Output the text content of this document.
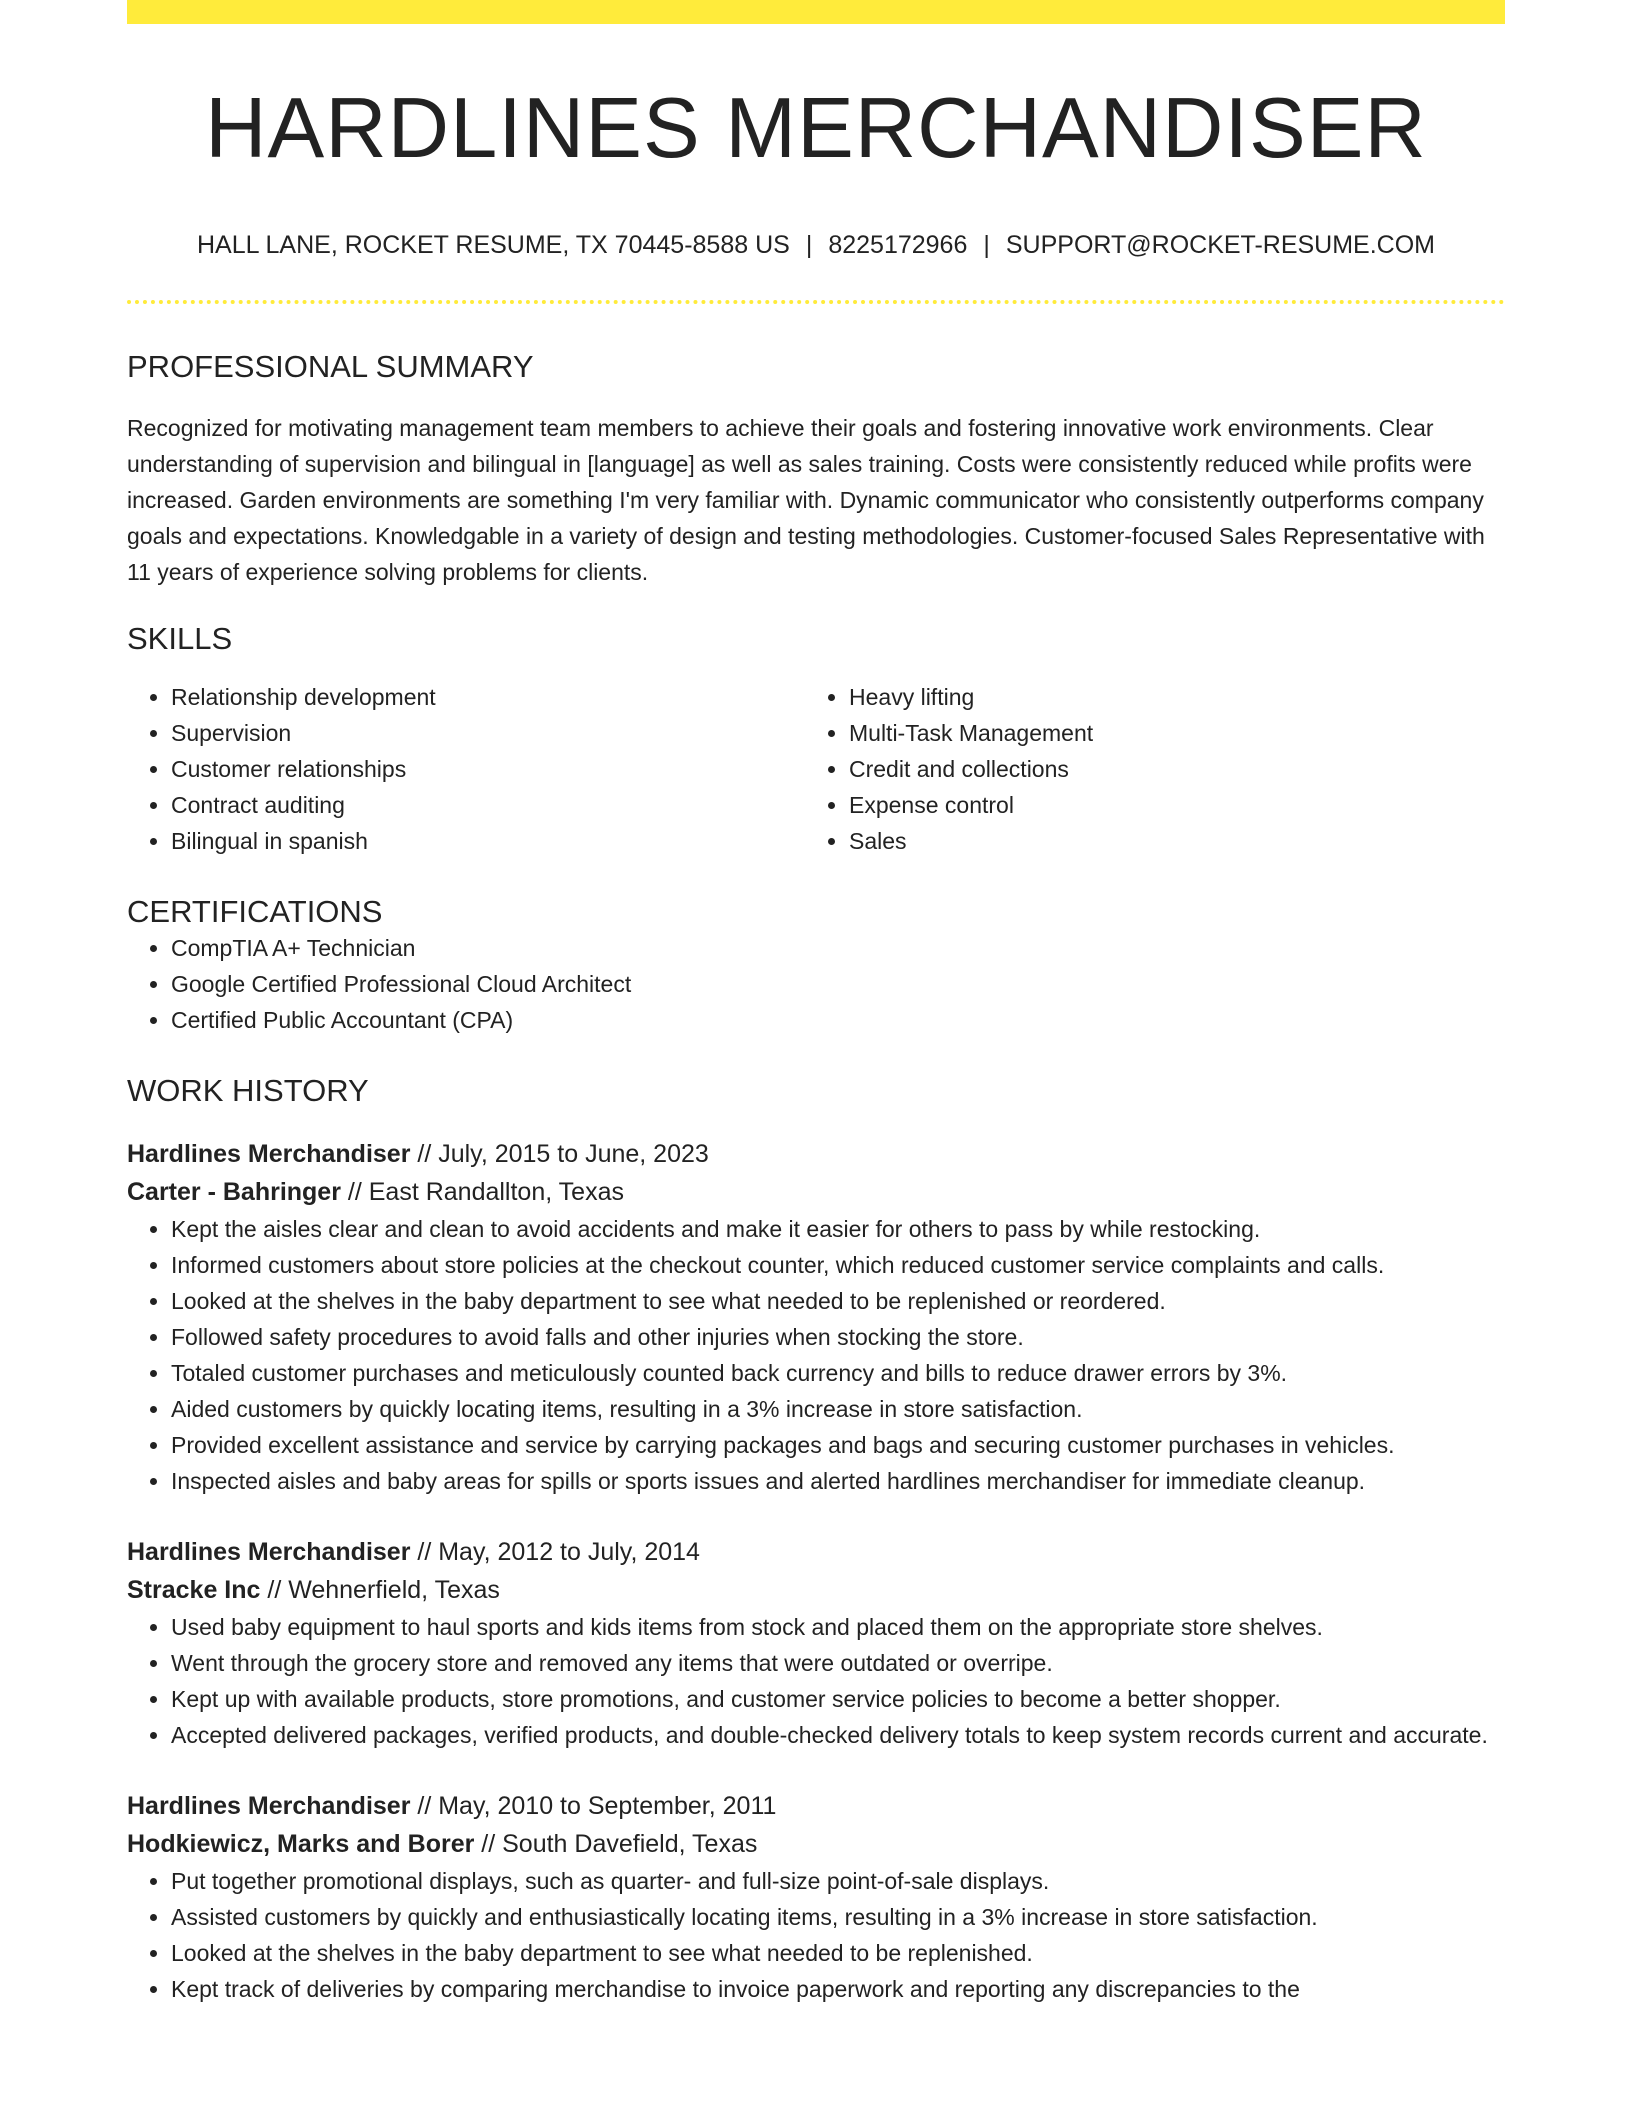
HARDLINES MERCHANDISER
HALL LANE, ROCKET RESUME, TX 70445-8588 US | 8225172966 | SUPPORT@ROCKET-RESUME.COM
PROFESSIONAL SUMMARY
Recognized for motivating management team members to achieve their goals and fostering innovative work environments. Clear understanding of supervision and bilingual in [language] as well as sales training. Costs were consistently reduced while profits were increased. Garden environments are something I'm very familiar with. Dynamic communicator who consistently outperforms company goals and expectations. Knowledgable in a variety of design and testing methodologies. Customer-focused Sales Representative with 11 years of experience solving problems for clients.
SKILLS
• Relationship development
• Supervision
• Customer relationships
• Contract auditing
• Bilingual in spanish
• Heavy lifting
• Multi-Task Management
• Credit and collections
• Expense control
• Sales
CERTIFICATIONS
• CompTIA A+ Technician
• Google Certified Professional Cloud Architect
• Certified Public Accountant (CPA)
WORK HISTORY
Hardlines Merchandiser // July, 2015 to June, 2023
Carter - Bahringer // East Randallton, Texas
• Kept the aisles clear and clean to avoid accidents and make it easier for others to pass by while restocking.
• Informed customers about store policies at the checkout counter, which reduced customer service complaints and calls.
• Looked at the shelves in the baby department to see what needed to be replenished or reordered.
• Followed safety procedures to avoid falls and other injuries when stocking the store.
• Totaled customer purchases and meticulously counted back currency and bills to reduce drawer errors by 3%.
• Aided customers by quickly locating items, resulting in a 3% increase in store satisfaction.
• Provided excellent assistance and service by carrying packages and bags and securing customer purchases in vehicles.
• Inspected aisles and baby areas for spills or sports issues and alerted hardlines merchandiser for immediate cleanup.
Hardlines Merchandiser // May, 2012 to July, 2014
Stracke Inc // Wehnerfield, Texas
• Used baby equipment to haul sports and kids items from stock and placed them on the appropriate store shelves.
• Went through the grocery store and removed any items that were outdated or overripe.
• Kept up with available products, store promotions, and customer service policies to become a better shopper.
• Accepted delivered packages, verified products, and double-checked delivery totals to keep system records current and accurate.
Hardlines Merchandiser // May, 2010 to September, 2011
Hodkiewicz, Marks and Borer // South Davefield, Texas
• Put together promotional displays, such as quarter- and full-size point-of-sale displays.
• Assisted customers by quickly and enthusiastically locating items, resulting in a 3% increase in store satisfaction.
• Looked at the shelves in the baby department to see what needed to be replenished.
• Kept track of deliveries by comparing merchandise to invoice paperwork and reporting any discrepancies to the
